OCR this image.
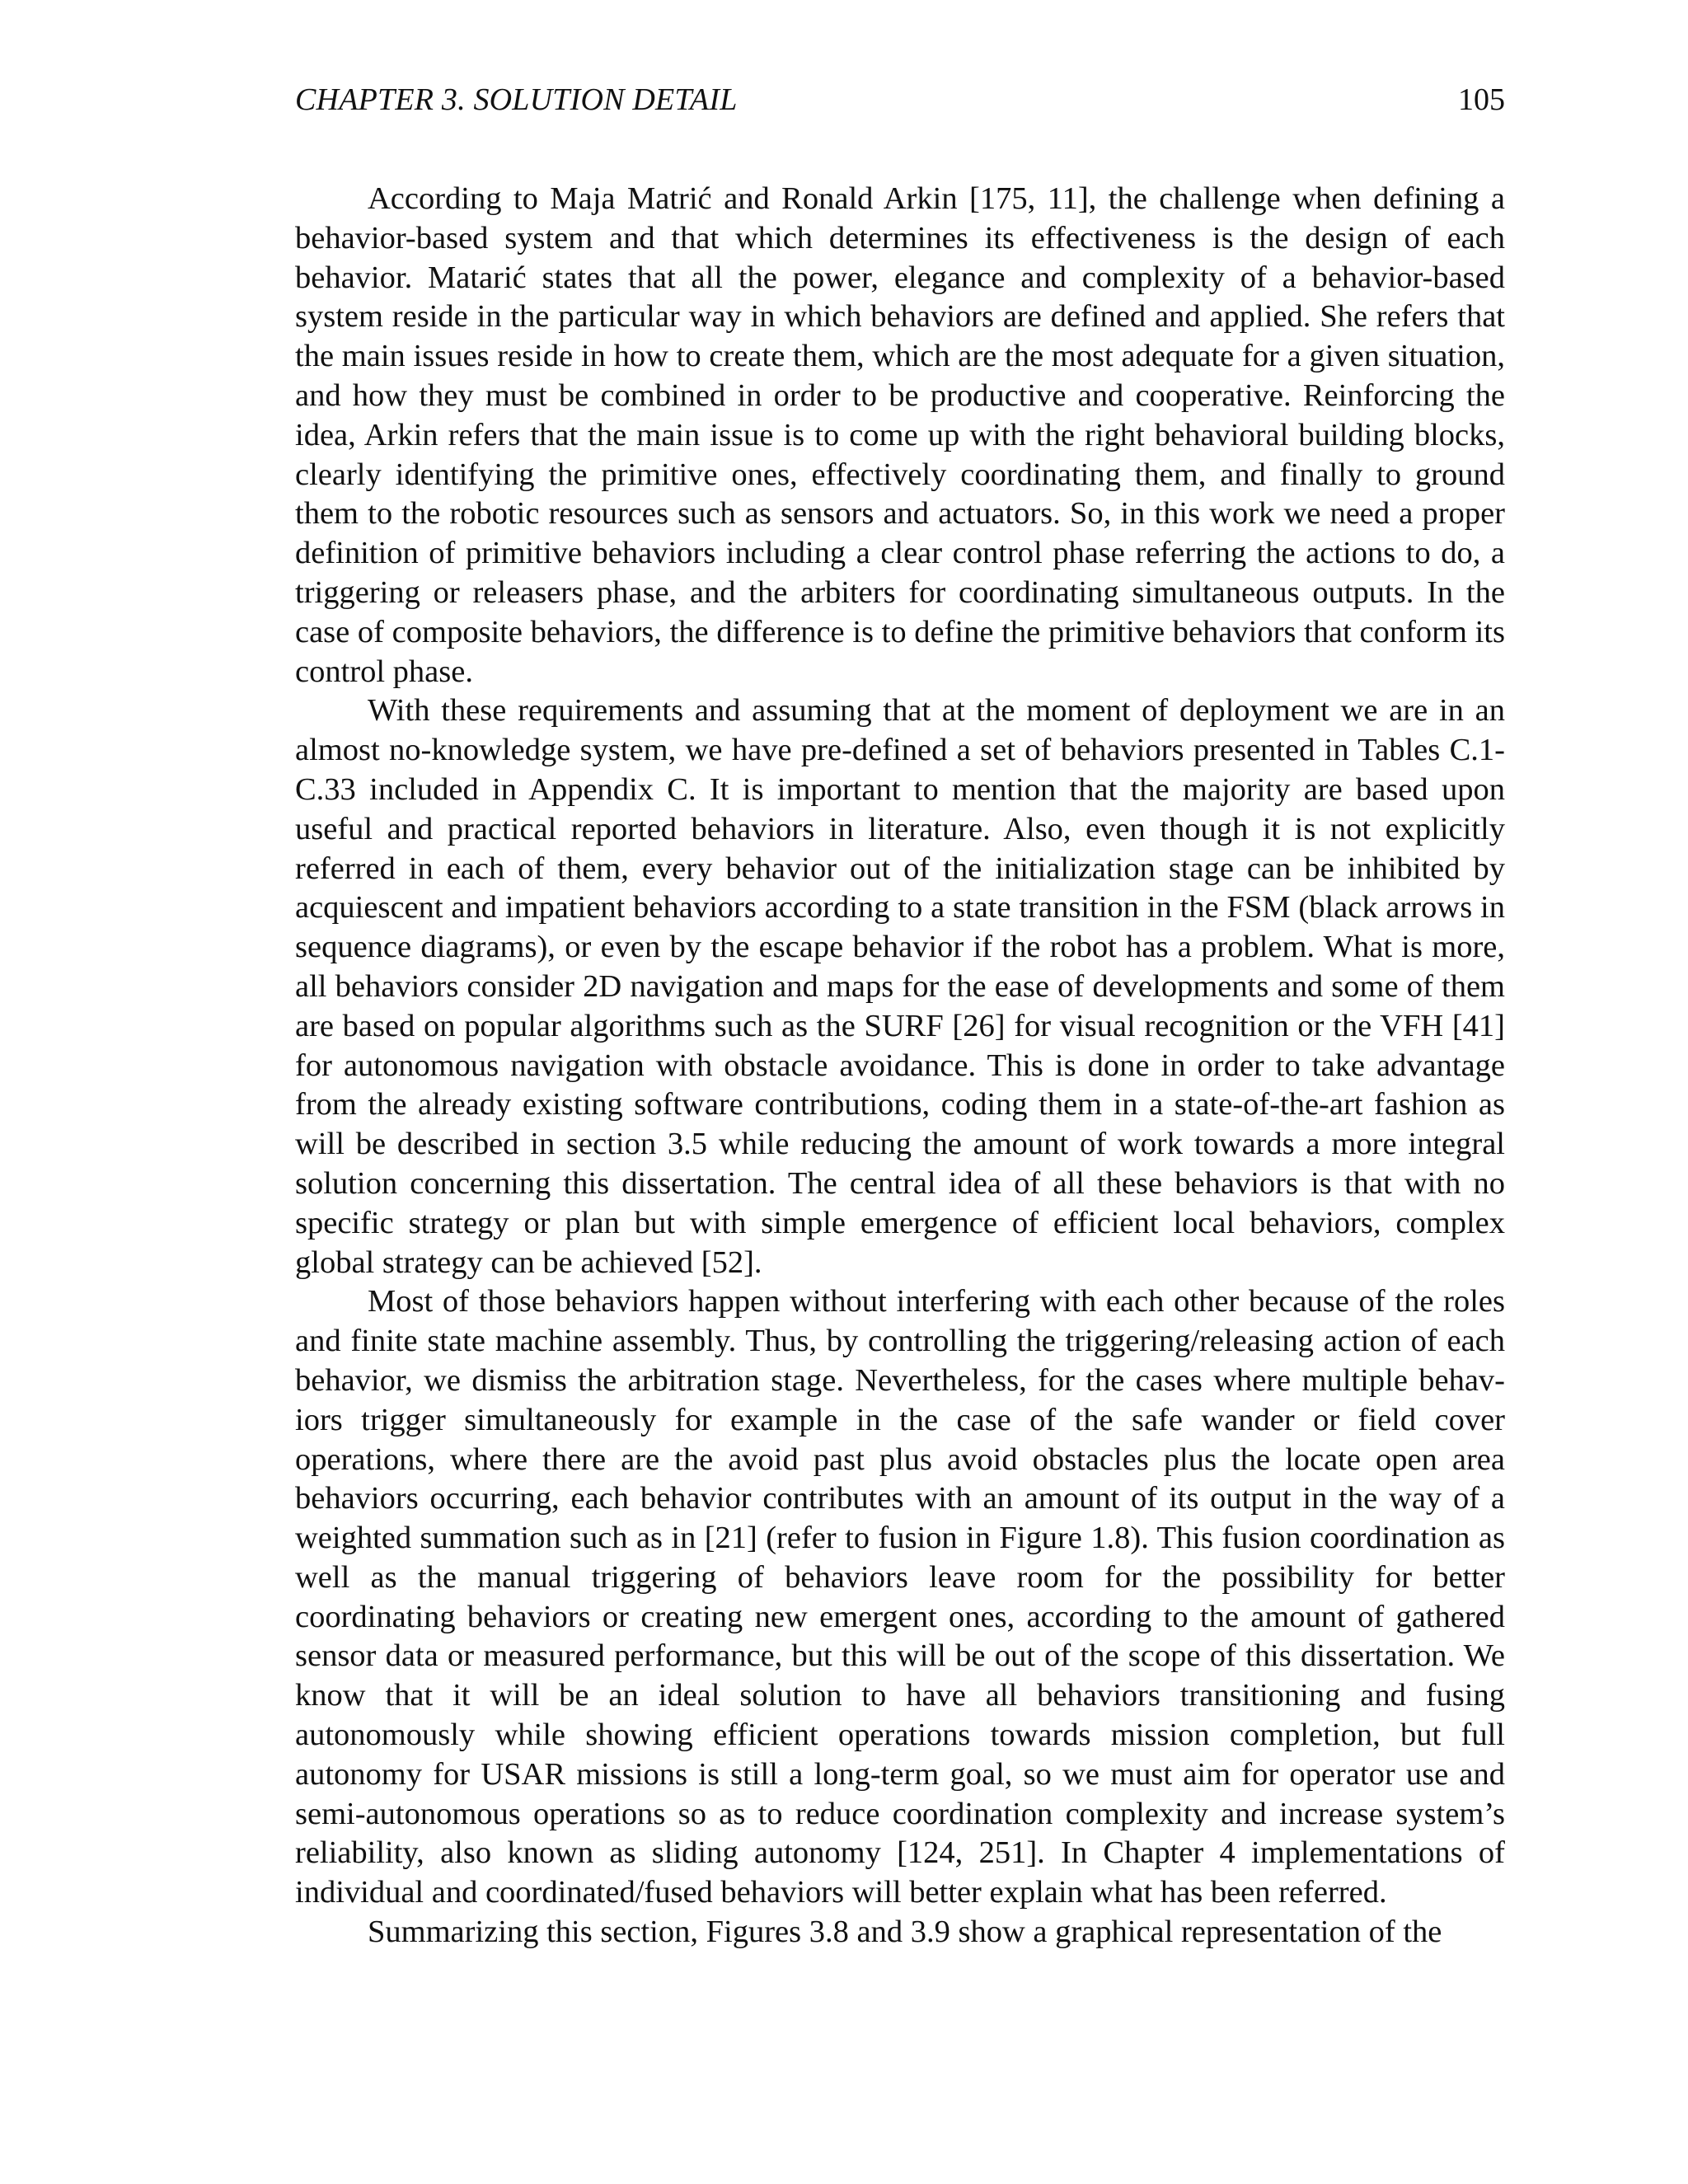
CHAPTER 3. SOLUTION DETAIL	105

According to Maja Matrić and Ronald Arkin [175, 11], the challenge when defining a behavior-based system and that which determines its effectiveness is the design of each behavior. Matarić states that all the power, elegance and complexity of a behavior-based system reside in the particular way in which behaviors are defined and applied. She refers that the main issues reside in how to create them, which are the most adequate for a given situation, and how they must be combined in order to be productive and cooperative. Reinforcing the idea, Arkin refers that the main issue is to come up with the right behavioral building blocks, clearly identifying the primitive ones, effectively coordinating them, and finally to ground them to the robotic resources such as sensors and actuators. So, in this work we need a proper definition of primitive behaviors including a clear control phase referring the actions to do, a triggering or releasers phase, and the arbiters for coordinating simultaneous outputs. In the case of composite behaviors, the difference is to define the primitive behaviors that conform its control phase.

With these requirements and assuming that at the moment of deployment we are in an almost no-knowledge system, we have pre-defined a set of behaviors presented in Tables C.1-C.33 included in Appendix C. It is important to mention that the majority are based upon useful and practical reported behaviors in literature. Also, even though it is not explicitly referred in each of them, every behavior out of the initialization stage can be inhibited by acquiescent and impatient behaviors according to a state transition in the FSM (black arrows in sequence diagrams), or even by the escape behavior if the robot has a problem. What is more, all behaviors consider 2D navigation and maps for the ease of developments and some of them are based on popular algorithms such as the SURF [26] for visual recognition or the VFH [41] for autonomous navigation with obstacle avoidance. This is done in order to take advantage from the already existing software contributions, coding them in a state-of-the-art fashion as will be described in section 3.5 while reducing the amount of work towards a more integral solution concerning this dissertation. The central idea of all these behaviors is that with no specific strategy or plan but with simple emergence of efficient local behaviors, complex global strategy can be achieved [52].

Most of those behaviors happen without interfering with each other because of the roles and finite state machine assembly. Thus, by controlling the triggering/releasing action of each behavior, we dismiss the arbitration stage. Nevertheless, for the cases where multiple behaviors trigger simultaneously for example in the case of the safe wander or field cover operations, where there are the avoid past plus avoid obstacles plus the locate open area behaviors occurring, each behavior contributes with an amount of its output in the way of a weighted summation such as in [21] (refer to fusion in Figure 1.8). This fusion coordination as well as the manual triggering of behaviors leave room for the possibility for better coordinating behaviors or creating new emergent ones, according to the amount of gathered sensor data or measured performance, but this will be out of the scope of this dissertation. We know that it will be an ideal solution to have all behaviors transitioning and fusing autonomously while showing efficient operations towards mission completion, but full autonomy for USAR missions is still a long-term goal, so we must aim for operator use and semi-autonomous operations so as to reduce coordination complexity and increase system’s reliability, also known as sliding autonomy [124, 251]. In Chapter 4 implementations of individual and coordinated/fused behaviors will better explain what has been referred.

Summarizing this section, Figures 3.8 and 3.9 show a graphical representation of the
